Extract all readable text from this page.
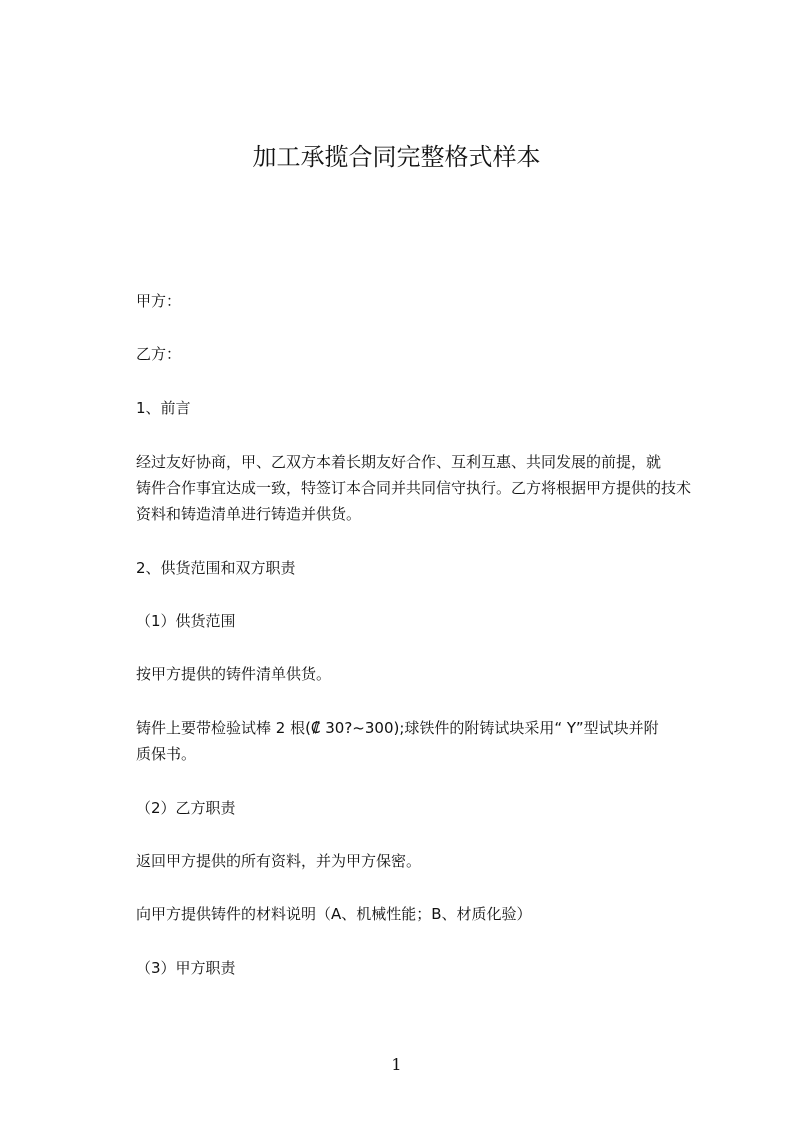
加工承揽合同完整格式样本

甲方：

乙方：

1、前言

经过友好协商，甲、乙双方本着长期友好合作、互利互惠、共同发展的前提，就
铸件合作事宜达成一致，特签订本合同并共同信守执行。乙方将根据甲方提供的技术
资料和铸造清单进行铸造并供货。

2、供货范围和双方职责

（1）供货范围

按甲方提供的铸件清单供货。

铸件上要带检验试棒 2 根(₡ 30?~300);球铁件的附铸试块采用“ Y”型试块并附
质保书。

（2）乙方职责

返回甲方提供的所有资料，并为甲方保密。

向甲方提供铸件的材料说明（A、机械性能；B、材质化验）

（3）甲方职责

1
